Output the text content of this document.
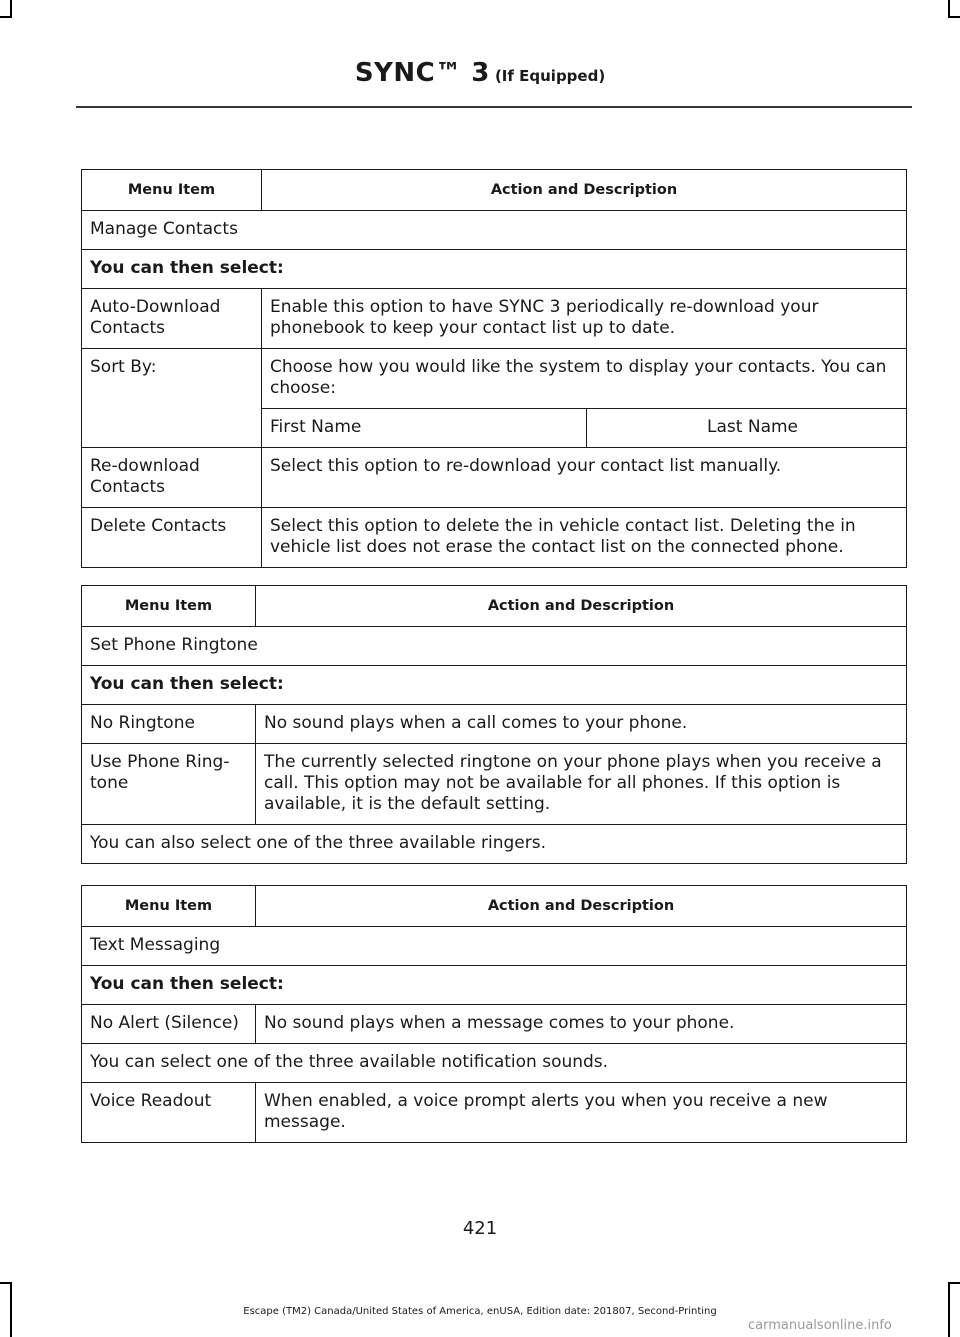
SYNC™ 3 (If Equipped)
Menu Item	Action and Description	
Manage Contacts		
You can then select:		
Auto-Download Contacts	Enable this option to have SYNC 3 periodically re-download your phonebook to keep your contact list up to date.	
Sort By:	Choose how you would like the system to display your contacts. You can choose:	
	First Name	Last Name
Re-download Contacts	Select this option to re-download your contact list manually.	
Delete Contacts	Select this option to delete the in vehicle contact list. Deleting the in vehicle list does not erase the contact list on the connected phone.	
Menu Item	Action and Description
Set Phone Ringtone	
You can then select:	
No Ringtone	No sound plays when a call comes to your phone.
Use Phone Ring-tone	The currently selected ringtone on your phone plays when you receive a call. This option may not be available for all phones. If this option is available, it is the default setting.
You can also select one of the three available ringers.	
Menu Item	Action and Description
Text Messaging	
You can then select:	
No Alert (Silence)	No sound plays when a message comes to your phone.
You can select one of the three available notification sounds.	
Voice Readout	When enabled, a voice prompt alerts you when you receive a new message.
421
Escape (TM2) Canada/United States of America, enUSA, Edition date: 201807, Second-Printing
carmanualsonline.info
